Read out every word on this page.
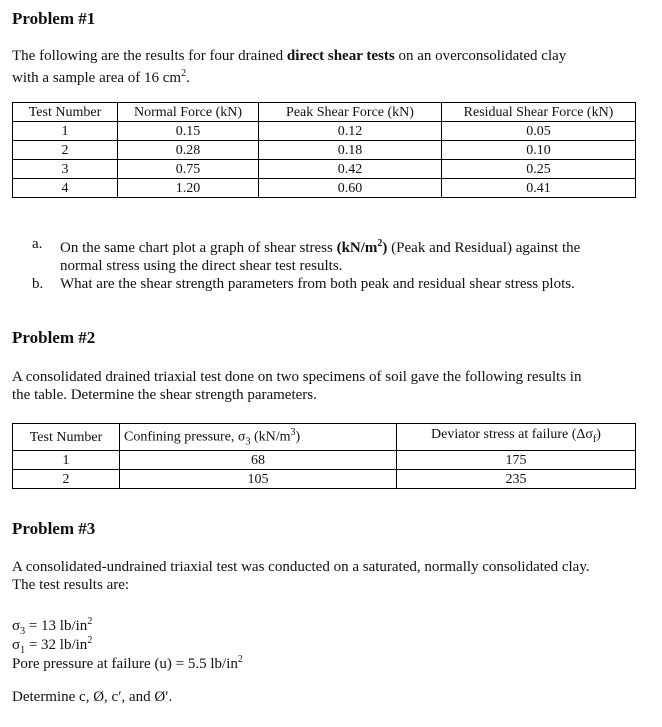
Problem #1

The following are the results for four drained direct shear tests on an overconsolidated clay
with a sample area of 16 $cm^2$.

Test Number	Normal Force (kN)	Peak Shear Force (kN)	Residual Shear Force (kN)
1	0.15	0.12	0.05
2	0.28	0.18	0.10
3	0.75	0.42	0.25
4	1.20	0.60	0.41
a. On the same chart plot a graph of shear stress $(kN/m^2)$ (Peak and Residual) against the
normal stress using the direct shear test results.
b. What are the shear strength parameters from both peak and residual shear stress plots.
Problem #2

A consolidated drained triaxial test done on two specimens of soil gave the following results in
the table. Determine the shear strength parameters.

Test Number	Confining pressure, $\sigma_3$ $(kN/m^3)$	Deviator stress at failure $(\Delta\sigma_f)$
1	68	175
2	105	235
Problem #3

A consolidated-undrained triaxial test was conducted on a saturated, normally consolidated clay.
The test results are:

$\sigma_3 = 13$ $lb/in^2$
$\sigma_1 = 32$ $lb/in^2$
Pore pressure at failure (u) = 5.5 $lb/in^2$
Determine c, Ø, c′, and Ø′.
